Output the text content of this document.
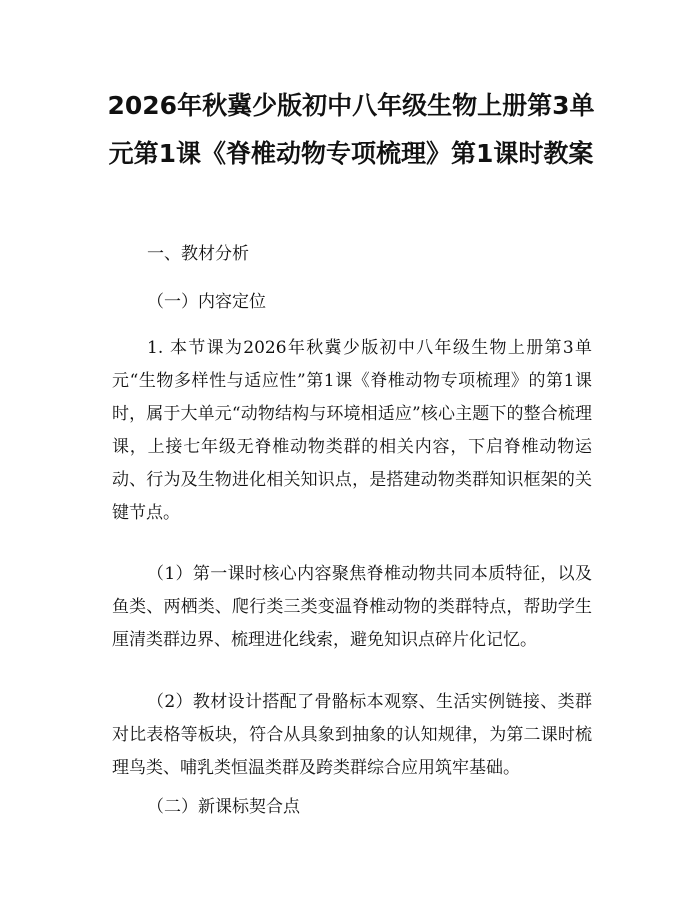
2026年秋冀少版初中八年级生物上册第3单元第1课《脊椎动物专项梳理》第1课时教案

一、教材分析

（一）内容定位

1. 本节课为2026年秋冀少版初中八年级生物上册第3单元“生物多样性与适应性”第1课《脊椎动物专项梳理》的第1课时，属于大单元“动物结构与环境相适应”核心主题下的整合梳理课，上接七年级无脊椎动物类群的相关内容，下启脊椎动物运动、行为及生物进化相关知识点，是搭建动物类群知识框架的关键节点。

（1）第一课时核心内容聚焦脊椎动物共同本质特征，以及鱼类、两栖类、爬行类三类变温脊椎动物的类群特点，帮助学生厘清类群边界、梳理进化线索，避免知识点碎片化记忆。

（2）教材设计搭配了骨骼标本观察、生活实例链接、类群对比表格等板块，符合从具象到抽象的认知规律，为第二课时梳理鸟类、哺乳类恒温类群及跨类群综合应用筑牢基础。

（二）新课标契合点
